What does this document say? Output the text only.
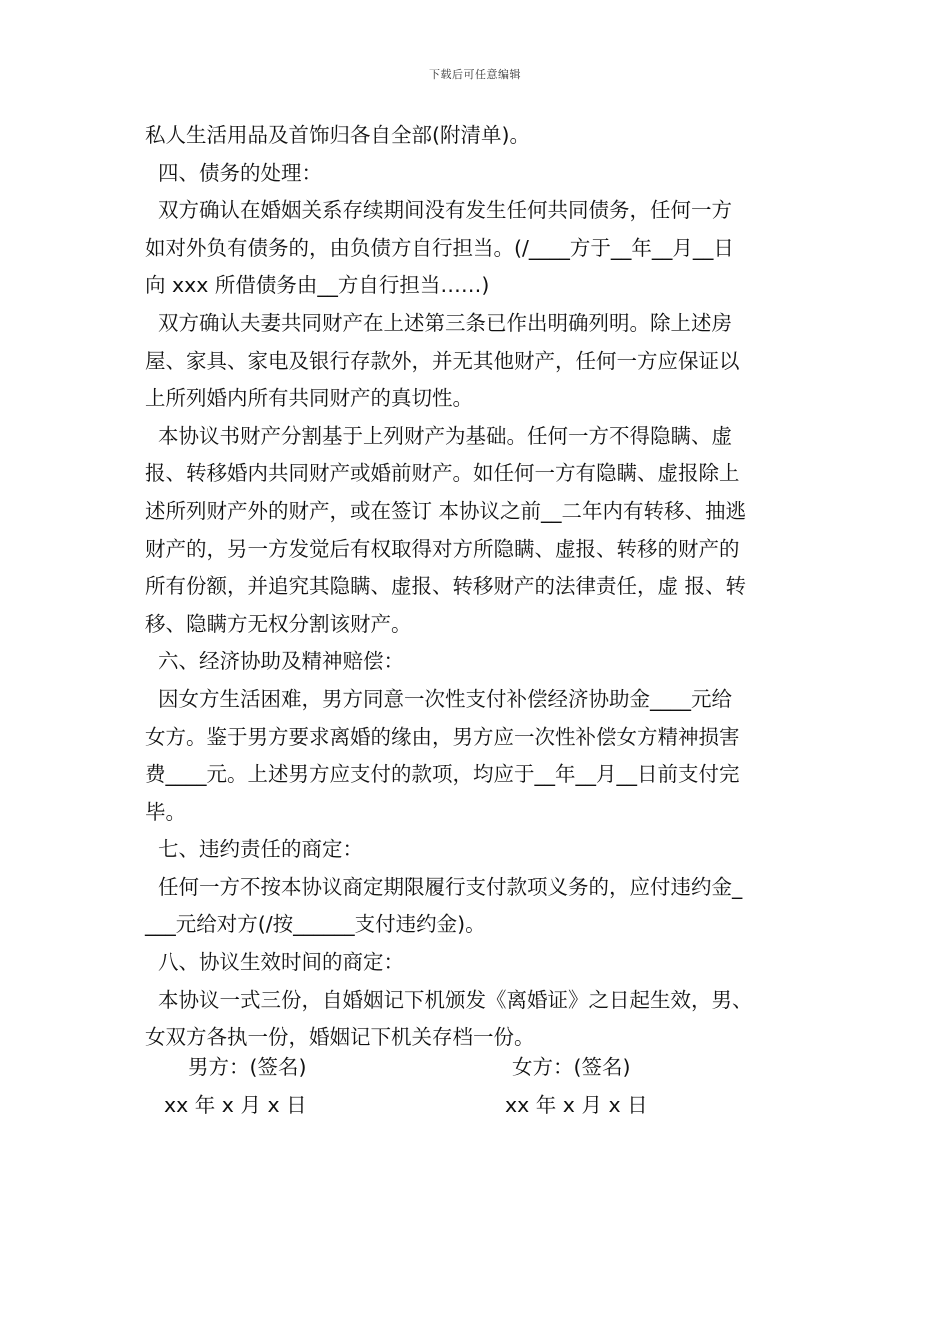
下载后可任意编辑
私人生活用品及首饰归各自全部(附清单)。
四、债务的处理：
双方确认在婚姻关系存续期间没有发生任何共同债务，任何一方
如对外负有债务的，由负债方自行担当。(/____方于__年__月__日
向 xxx 所借债务由__方自行担当……)
双方确认夫妻共同财产在上述第三条已作出明确列明。除上述房
屋、家具、家电及银行存款外，并无其他财产，任何一方应保证以
上所列婚内所有共同财产的真切性。
本协议书财产分割基于上列财产为基础。任何一方不得隐瞒、虚
报、转移婚内共同财产或婚前财产。如任何一方有隐瞒、虚报除上
述所列财产外的财产，或在签订 本协议之前__二年内有转移、抽逃
财产的，另一方发觉后有权取得对方所隐瞒、虚报、转移的财产的
所有份额，并追究其隐瞒、虚报、转移财产的法律责任，虚 报、转
移、隐瞒方无权分割该财产。
六、经济协助及精神赔偿：
因女方生活困难，男方同意一次性支付补偿经济协助金____元给
女方。鉴于男方要求离婚的缘由，男方应一次性补偿女方精神损害
费____元。上述男方应支付的款项，均应于__年__月__日前支付完
毕。
七、违约责任的商定：
任何一方不按本协议商定期限履行支付款项义务的，应付违约金_
___元给对方(/按______支付违约金)。
八、协议生效时间的商定：
本协议一式三份，自婚姻记下机颁发《离婚证》之日起生效，男、
女双方各执一份，婚姻记下机关存档一份。
男方：(签名)	女方：(签名)
xx 年 x 月 x 日	xx 年 x 月 x 日
